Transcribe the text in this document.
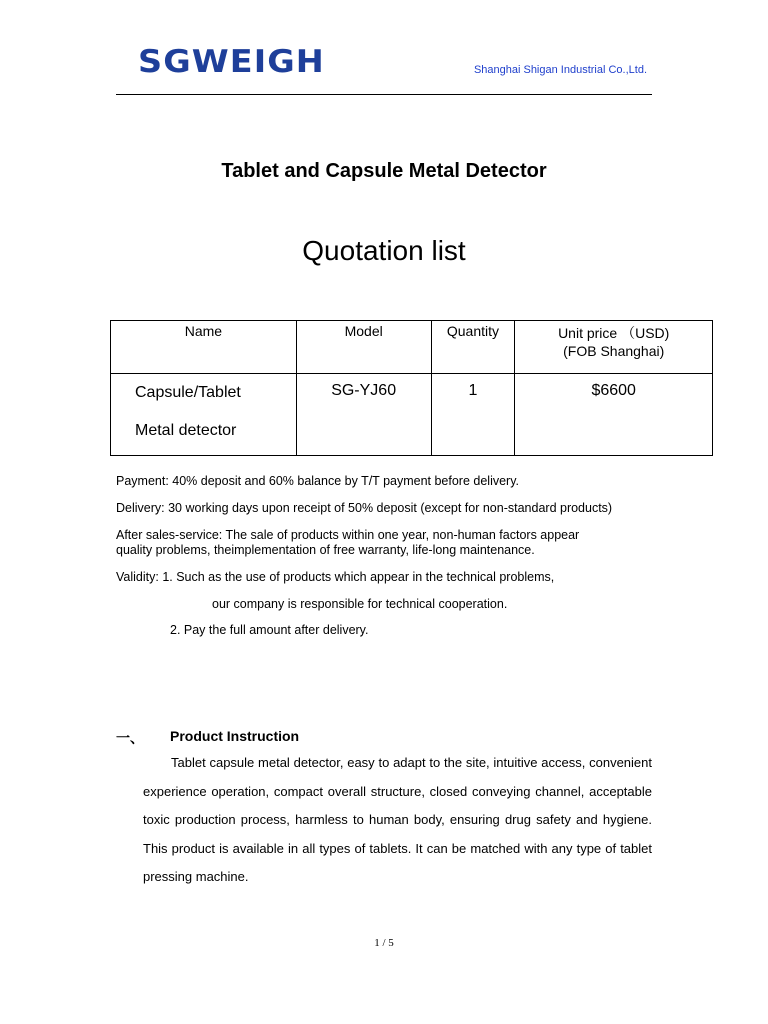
SGWEIGH	Shanghai Shigan Industrial Co.,Ltd.
Tablet and Capsule Metal Detector
Quotation list
Name	Model	Quantity	Unit price （USD)
(FOB Shanghai)

Capsule/Tablet
Metal detector	SG-YJ60	1	$6600
Payment: 40% deposit and 60% balance by T/T payment before delivery.
Delivery: 30 working days upon receipt of 50% deposit (except for non-standard products)
After sales-service: The sale of products within one year, non-human factors appear
quality problems, theimplementation of free warranty, life-long maintenance.
Validity: 1. Such as the use of products which appear in the technical problems,
our company is responsible for technical cooperation.
2. Pay the full amount after delivery.
一、 Product Instruction
Tablet capsule metal detector, easy to adapt to the site, intuitive access, convenient experience operation, compact overall structure, closed conveying channel, acceptable toxic production process, harmless to human body, ensuring drug safety and hygiene. This product is available in all types of tablets. It can be matched with any type of tablet pressing machine.
1 / 5
